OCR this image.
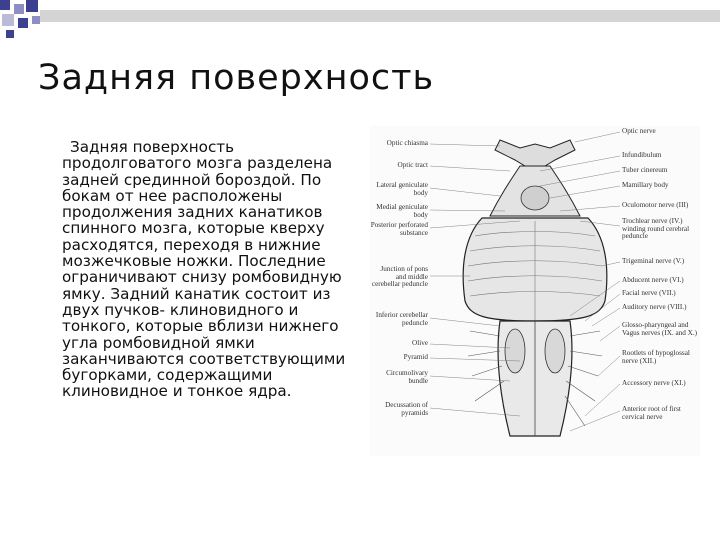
Задняя поверхность
Задняя поверхность продолговатого мозга разделена задней срединной бороздой. По бокам от нее расположены продолжения задних канатиков спинного мозга, которые кверху расходятся, переходя в нижние мозжечковые ножки. Последние ограничивают снизу ромбовидную ямку. Задний канатик состоит из двух пучков- клиновидного и тонкого, которые вблизи нижнего угла ромбовидной ямки заканчиваются соответствующими бугорками, содержащими клиновидное и тонкое ядра.
Optic chiasma
Optic tract
Lateral geniculate body
Medial geniculate body
Posterior perforated substance
Junction of pons and middle cerebellar peduncle
Inferior cerebellar peduncle
Olive
Pyramid
Circumolivary bundle
Decussation of pyramids
Optic nerve
Infundibulum
Tuber cinereum
Mamillary body
Oculomotor nerve (III)
Trochlear nerve (IV.) winding round cerebral peduncle
Trigeminal nerve (V.)
Abducent nerve (VI.)
Facial nerve (VII.)
Auditory nerve (VIII.)
Glosso-pharyngeal and Vagus nerves (IX. and X.)
Rootlets of hypoglossal nerve (XII.)
Accessory nerve (XI.)
Anterior root of first cervical nerve
